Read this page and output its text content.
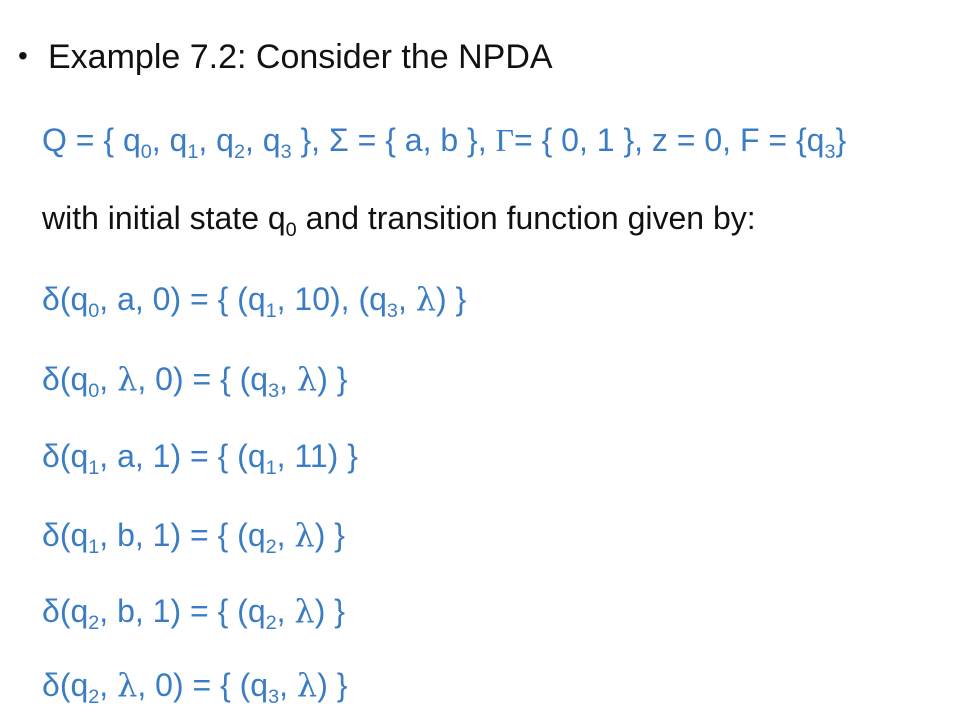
• Example 7.2: Consider the NPDA
Q = { $q_0$, $q_1$, $q_2$, $q_3$ }, Σ = { a, b }, Γ= { 0, 1 }, z = 0, $F = \{q_3\}$
with initial state $q_0$ and transition function given by:
$\delta(q_0$, a, 0) = { ($q_1$, 10), ($q_3$, λ) }
$\delta(q_0$, λ, 0) = { ($q_3$, λ) }
$\delta(q_1$, a, 1) = { ($q_1$, 11) }
$\delta(q_1$, b, 1) = { ($q_2$, λ) }
$\delta(q_2$, b, 1) = { ($q_2$, λ) }
$\delta(q_2$, λ, 0) = { ($q_3$, λ) }
